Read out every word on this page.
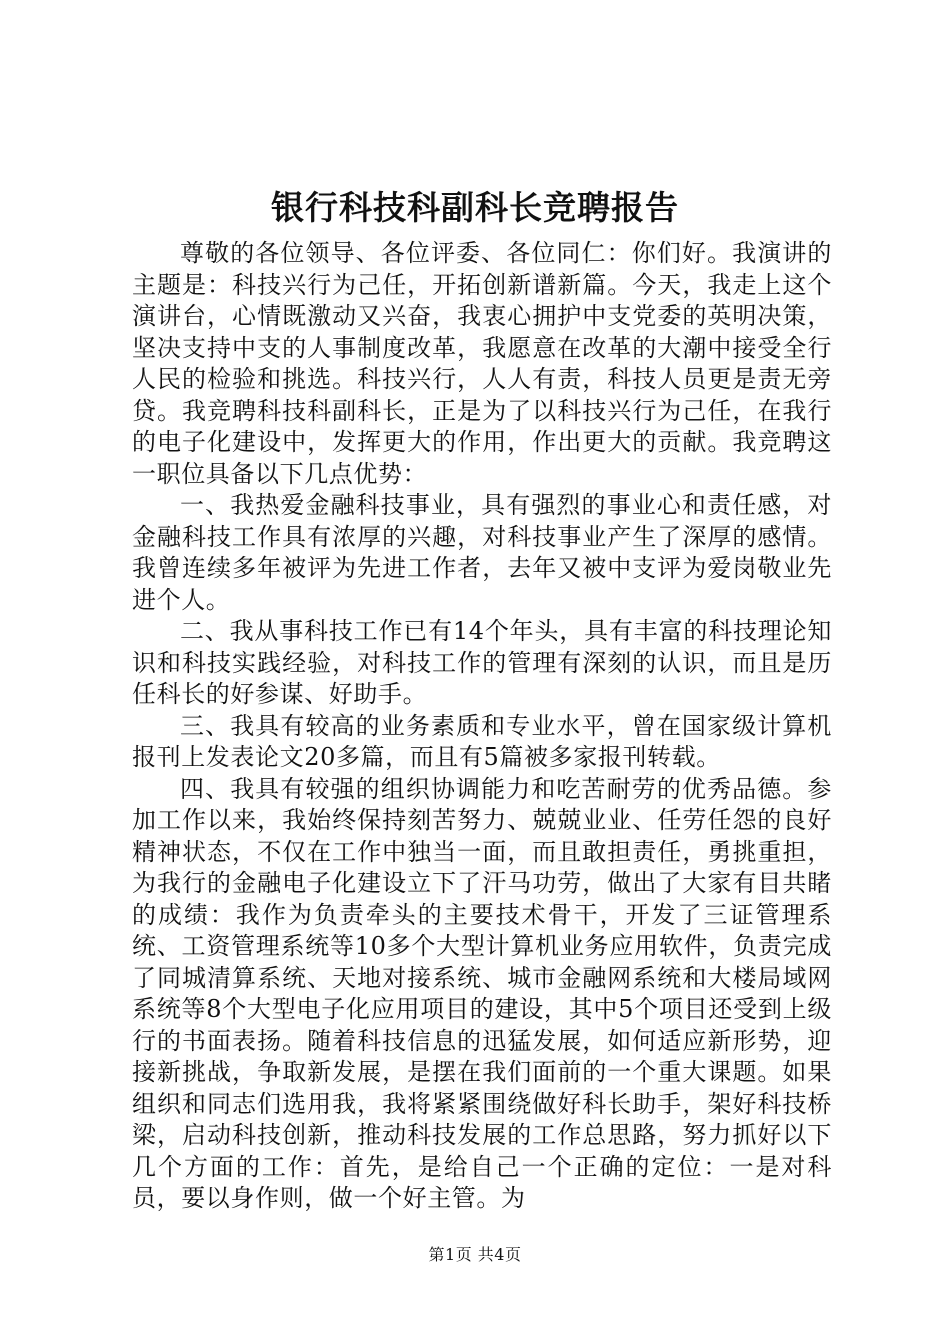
银行科技科副科长竞聘报告

尊敬的各位领导、各位评委、各位同仁：你们好。我演讲的主题是：科技兴行为己任，开拓创新谱新篇。今天，我走上这个演讲台，心情既激动又兴奋，我衷心拥护中支党委的英明决策，坚决支持中支的人事制度改革，我愿意在改革的大潮中接受全行人民的检验和挑选。科技兴行，人人有责，科技人员更是责无旁贷。我竞聘科技科副科长，正是为了以科技兴行为己任，在我行的电子化建设中，发挥更大的作用，作出更大的贡献。我竞聘这一职位具备以下几点优势：

一、我热爱金融科技事业，具有强烈的事业心和责任感，对金融科技工作具有浓厚的兴趣，对科技事业产生了深厚的感情。我曾连续多年被评为先进工作者，去年又被中支评为爱岗敬业先进个人。

二、我从事科技工作已有14个年头，具有丰富的科技理论知识和科技实践经验，对科技工作的管理有深刻的认识，而且是历任科长的好参谋、好助手。

三、我具有较高的业务素质和专业水平，曾在国家级计算机报刊上发表论文20多篇，而且有5篇被多家报刊转载。

四、我具有较强的组织协调能力和吃苦耐劳的优秀品德。参加工作以来，我始终保持刻苦努力、兢兢业业、任劳任怨的良好精神状态，不仅在工作中独当一面，而且敢担责任，勇挑重担，为我行的金融电子化建设立下了汗马功劳，做出了大家有目共睹的成绩：我作为负责牵头的主要技术骨干，开发了三证管理系统、工资管理系统等10多个大型计算机业务应用软件，负责完成了同城清算系统、天地对接系统、城市金融网系统和大楼局域网系统等8个大型电子化应用项目的建设，其中5个项目还受到上级行的书面表扬。随着科技信息的迅猛发展，如何适应新形势，迎接新挑战，争取新发展，是摆在我们面前的一个重大课题。如果组织和同志们选用我，我将紧紧围绕做好科长助手，架好科技桥梁，启动科技创新，推动科技发展的工作总思路，努力抓好以下几个方面的工作：首先，是给自己一个正确的定位：一是对科员，要以身作则，做一个好主管。为

第1页 共4页
